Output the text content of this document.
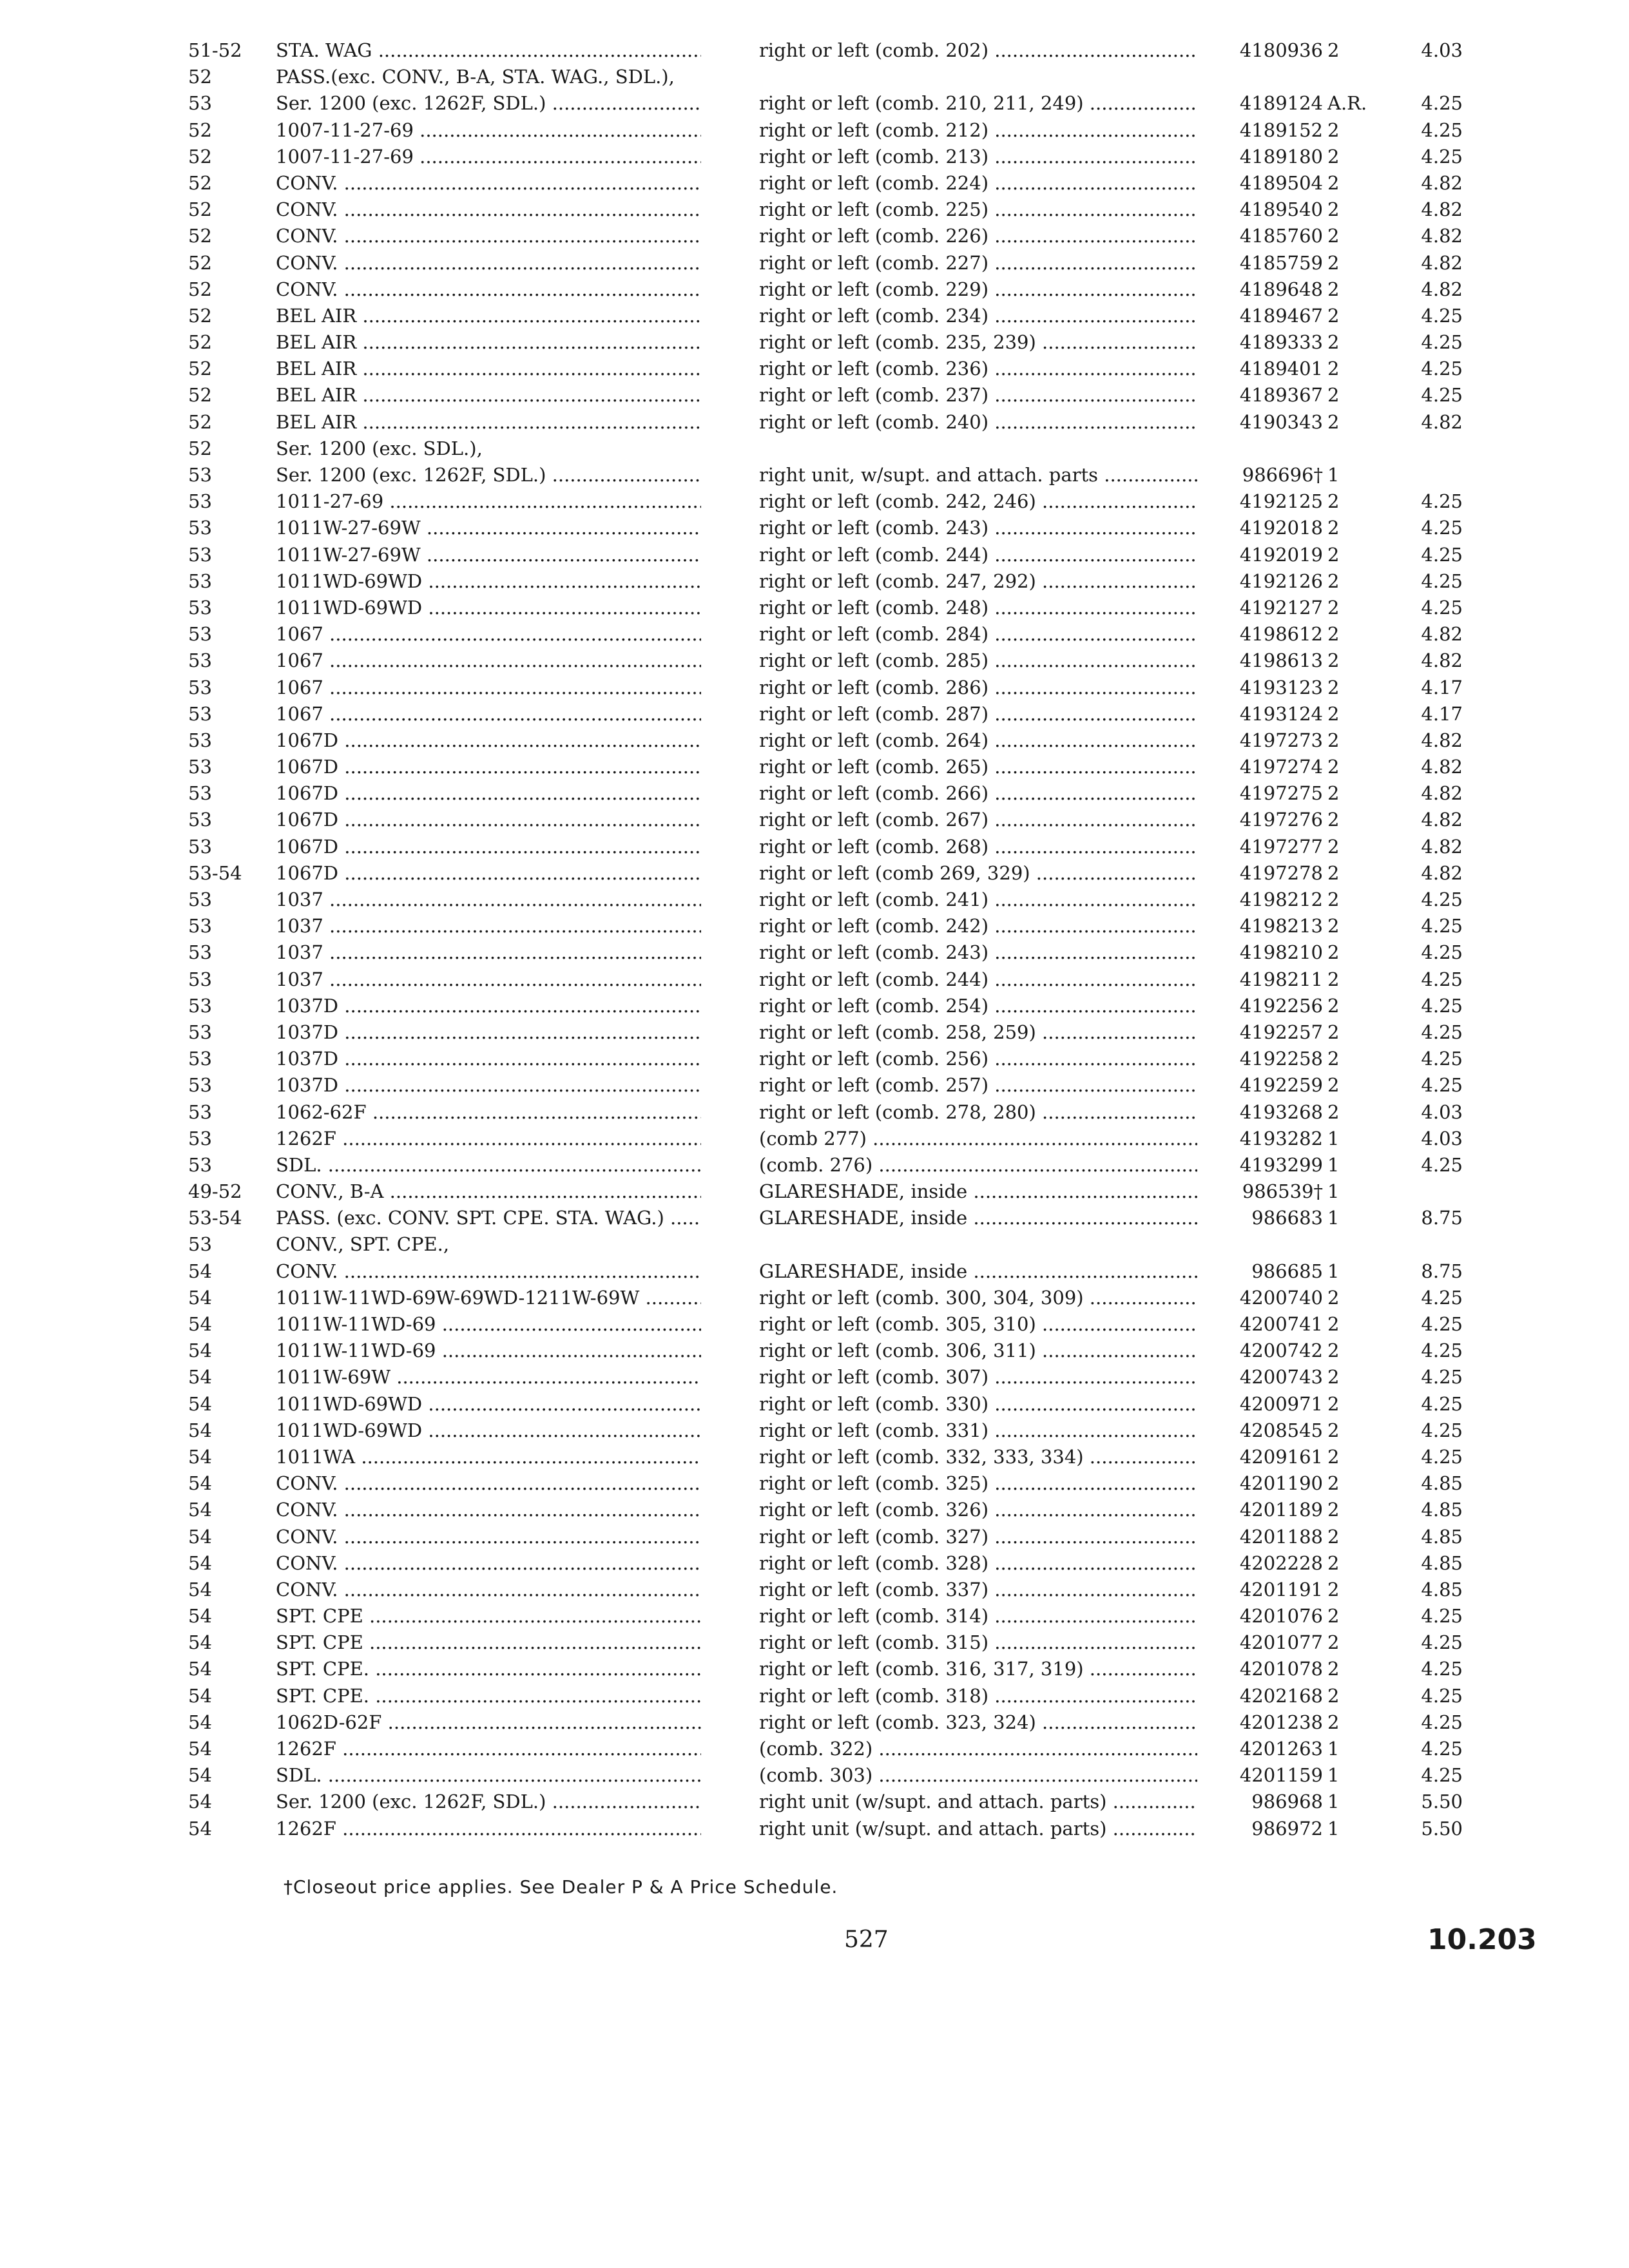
51-52	STA. WAG .....	right or left (comb. 202) .....	4180936 2	4.03
52	PASS.(exc. CONV., B-A, STA. WAG., SDL.),
53	Ser. 1200 (exc. 1262F, SDL.) .....	right or left (comb. 210, 211, 249) .....	4189124 A.R.	4.25
52	1007-11-27-69 .....	right or left (comb. 212) .....	4189152 2	4.25
52	1007-11-27-69 .....	right or left (comb. 213) .....	4189180 2	4.25
52	CONV. .....	right or left (comb. 224) .....	4189504 2	4.82
52	CONV. .....	right or left (comb. 225) .....	4189540 2	4.82
52	CONV. .....	right or left (comb. 226) .....	4185760 2	4.82
52	CONV. .....	right or left (comb. 227) .....	4185759 2	4.82
52	CONV. .....	right or left (comb. 229) .....	4189648 2	4.82
52	BEL AIR .....	right or left (comb. 234) .....	4189467 2	4.25
52	BEL AIR .....	right or left (comb. 235, 239) .....	4189333 2	4.25
52	BEL AIR .....	right or left (comb. 236) .....	4189401 2	4.25
52	BEL AIR .....	right or left (comb. 237) .....	4189367 2	4.25
52	BEL AIR .....	right or left (comb. 240) .....	4190343 2	4.82
52	Ser. 1200 (exc. SDL.),
53	Ser. 1200 (exc. 1262F, SDL.) .....	right unit, w/supt. and attach. parts .....	986696† 1
53	1011-27-69 .....	right or left (comb. 242, 246) .....	4192125 2	4.25
53	1011W-27-69W .....	right or left (comb. 243) .....	4192018 2	4.25
53	1011W-27-69W .....	right or left (comb. 244) .....	4192019 2	4.25
53	1011WD-69WD .....	right or left (comb. 247, 292) .....	4192126 2	4.25
53	1011WD-69WD .....	right or left (comb. 248) .....	4192127 2	4.25
53	1067 .....	right or left (comb. 284) .....	4198612 2	4.82
53	1067 .....	right or left (comb. 285) .....	4198613 2	4.82
53	1067 .....	right or left (comb. 286) .....	4193123 2	4.17
53	1067 .....	right or left (comb. 287) .....	4193124 2	4.17
53	1067D .....	right or left (comb. 264) .....	4197273 2	4.82
53	1067D .....	right or left (comb. 265) .....	4197274 2	4.82
53	1067D .....	right or left (comb. 266) .....	4197275 2	4.82
53	1067D .....	right or left (comb. 267) .....	4197276 2	4.82
53	1067D .....	right or left (comb. 268) .....	4197277 2	4.82
53-54	1067D .....	right or left (comb 269, 329) .....	4197278 2	4.82
53	1037 .....	right or left (comb. 241) .....	4198212 2	4.25
53	1037 .....	right or left (comb. 242) .....	4198213 2	4.25
53	1037 .....	right or left (comb. 243) .....	4198210 2	4.25
53	1037 .....	right or left (comb. 244) .....	4198211 2	4.25
53	1037D .....	right or left (comb. 254) .....	4192256 2	4.25
53	1037D .....	right or left (comb. 258, 259) .....	4192257 2	4.25
53	1037D .....	right or left (comb. 256) .....	4192258 2	4.25
53	1037D .....	right or left (comb. 257) .....	4192259 2	4.25
53	1062-62F .....	right or left (comb. 278, 280) .....	4193268 2	4.03
53	1262F .....	(comb 277) .....	4193282 1	4.03
53	SDL. .....	(comb. 276) .....	4193299 1	4.25
49-52	CONV., B-A .....	GLARESHADE, inside .....	986539† 1
53-54	PASS. (exc. CONV. SPT. CPE. STA. WAG.) .....	GLARESHADE, inside .....	986683 1	8.75
53	CONV., SPT. CPE.,
54	CONV. .....	GLARESHADE, inside .....	986685 1	8.75
54	1011W-11WD-69W-69WD-1211W-69W .....	right or left (comb. 300, 304, 309) .....	4200740 2	4.25
54	1011W-11WD-69 .....	right or left (comb. 305, 310) .....	4200741 2	4.25
54	1011W-11WD-69 .....	right or left (comb. 306, 311) .....	4200742 2	4.25
54	1011W-69W .....	right or left (comb. 307) .....	4200743 2	4.25
54	1011WD-69WD .....	right or left (comb. 330) .....	4200971 2	4.25
54	1011WD-69WD .....	right or left (comb. 331) .....	4208545 2	4.25
54	1011WA .....	right or left (comb. 332, 333, 334) .....	4209161 2	4.25
54	CONV. .....	right or left (comb. 325) .....	4201190 2	4.85
54	CONV. .....	right or left (comb. 326) .....	4201189 2	4.85
54	CONV. .....	right or left (comb. 327) .....	4201188 2	4.85
54	CONV. .....	right or left (comb. 328) .....	4202228 2	4.85
54	CONV. .....	right or left (comb. 337) .....	4201191 2	4.85
54	SPT. CPE .....	right or left (comb. 314) .....	4201076 2	4.25
54	SPT. CPE .....	right or left (comb. 315) .....	4201077 2	4.25
54	SPT. CPE. .....	right or left (comb. 316, 317, 319) .....	4201078 2	4.25
54	SPT. CPE. .....	right or left (comb. 318) .....	4202168 2	4.25
54	1062D-62F .....	right or left (comb. 323, 324) .....	4201238 2	4.25
54	1262F .....	(comb. 322) .....	4201263 1	4.25
54	SDL. .....	(comb. 303) .....	4201159 1	4.25
54	Ser. 1200 (exc. 1262F, SDL.) .....	right unit (w/supt. and attach. parts) .....	986968 1	5.50
54	1262F .....	right unit (w/supt. and attach. parts) .....	986972 1	5.50
†Closeout price applies. See Dealer P & A Price Schedule.
527	10.203
